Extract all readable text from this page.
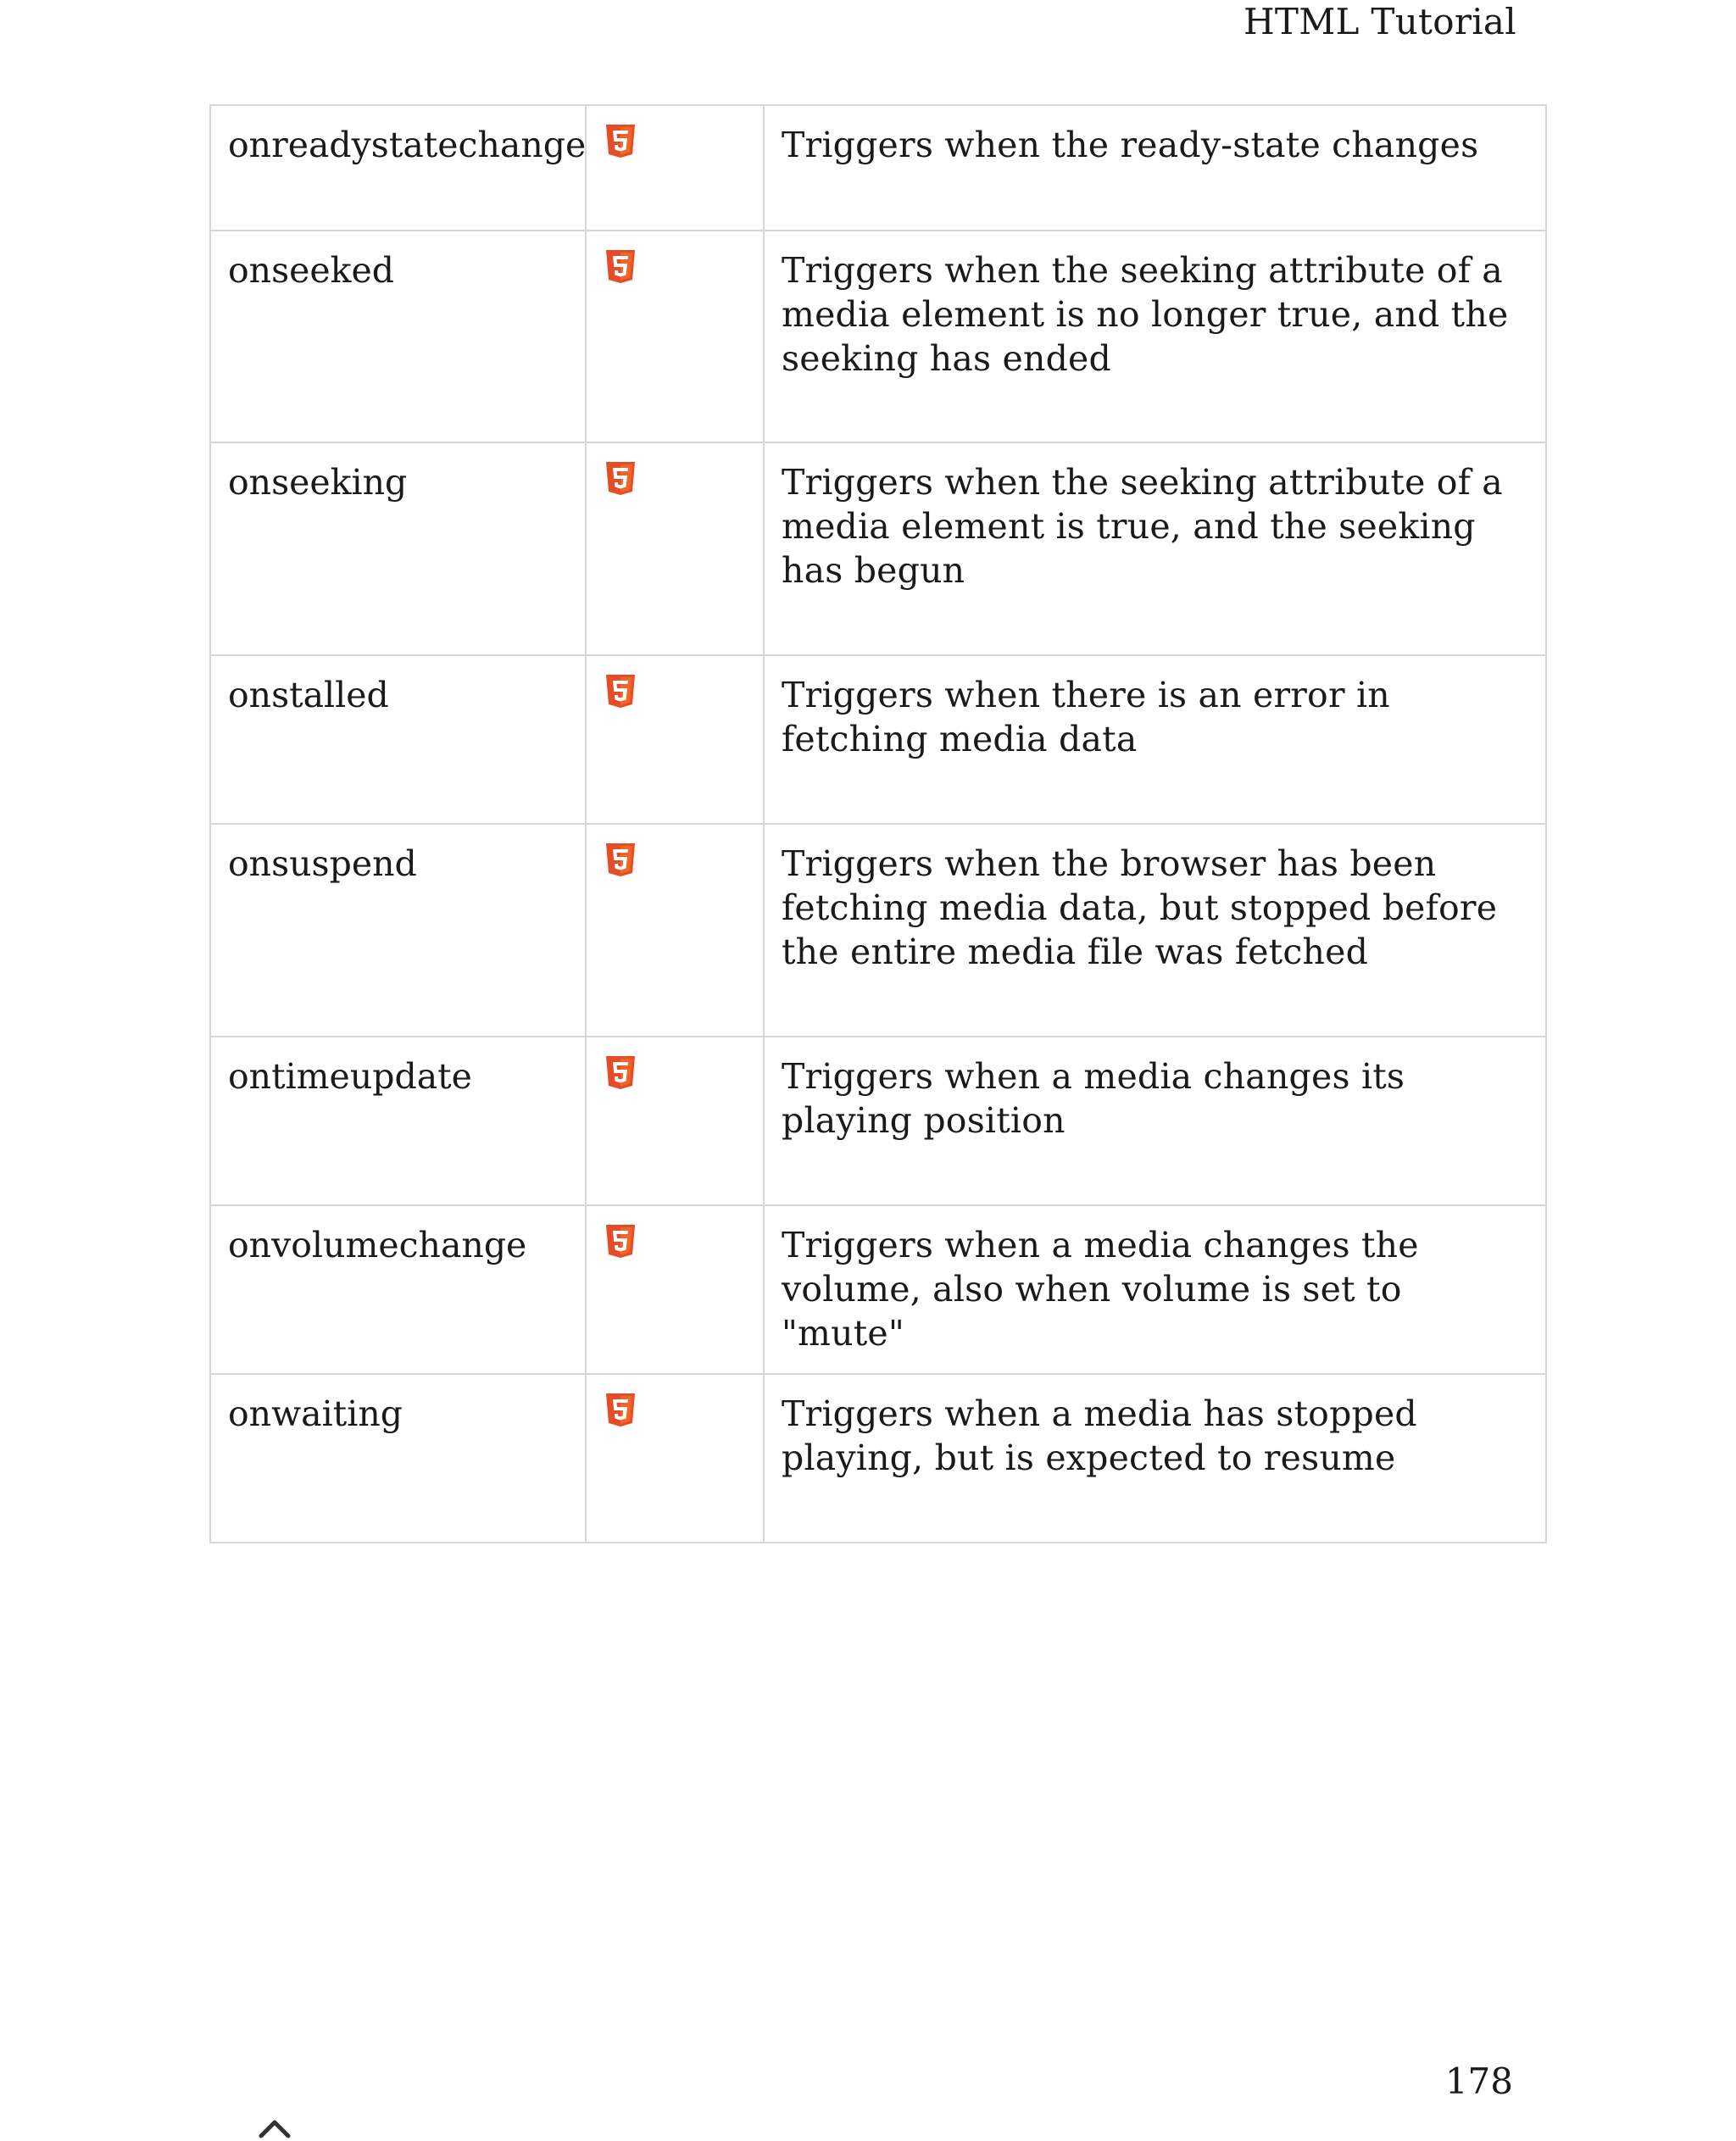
HTML Tutorial
onreadystatechange		Triggers when the ready-state changes
onseeked		Triggers when the seeking attribute of a media element is no longer true, and the seeking has ended
onseeking		Triggers when the seeking attribute of a media element is true, and the seeking has begun
onstalled		Triggers when there is an error in fetching media data
onsuspend		Triggers when the browser has been fetching media data, but stopped before the entire media file was fetched
ontimeupdate		Triggers when a media changes its playing position
onvolumechange		Triggers when a media changes the volume, also when volume is set to "mute"
onwaiting		Triggers when a media has stopped playing, but is expected to resume
178
